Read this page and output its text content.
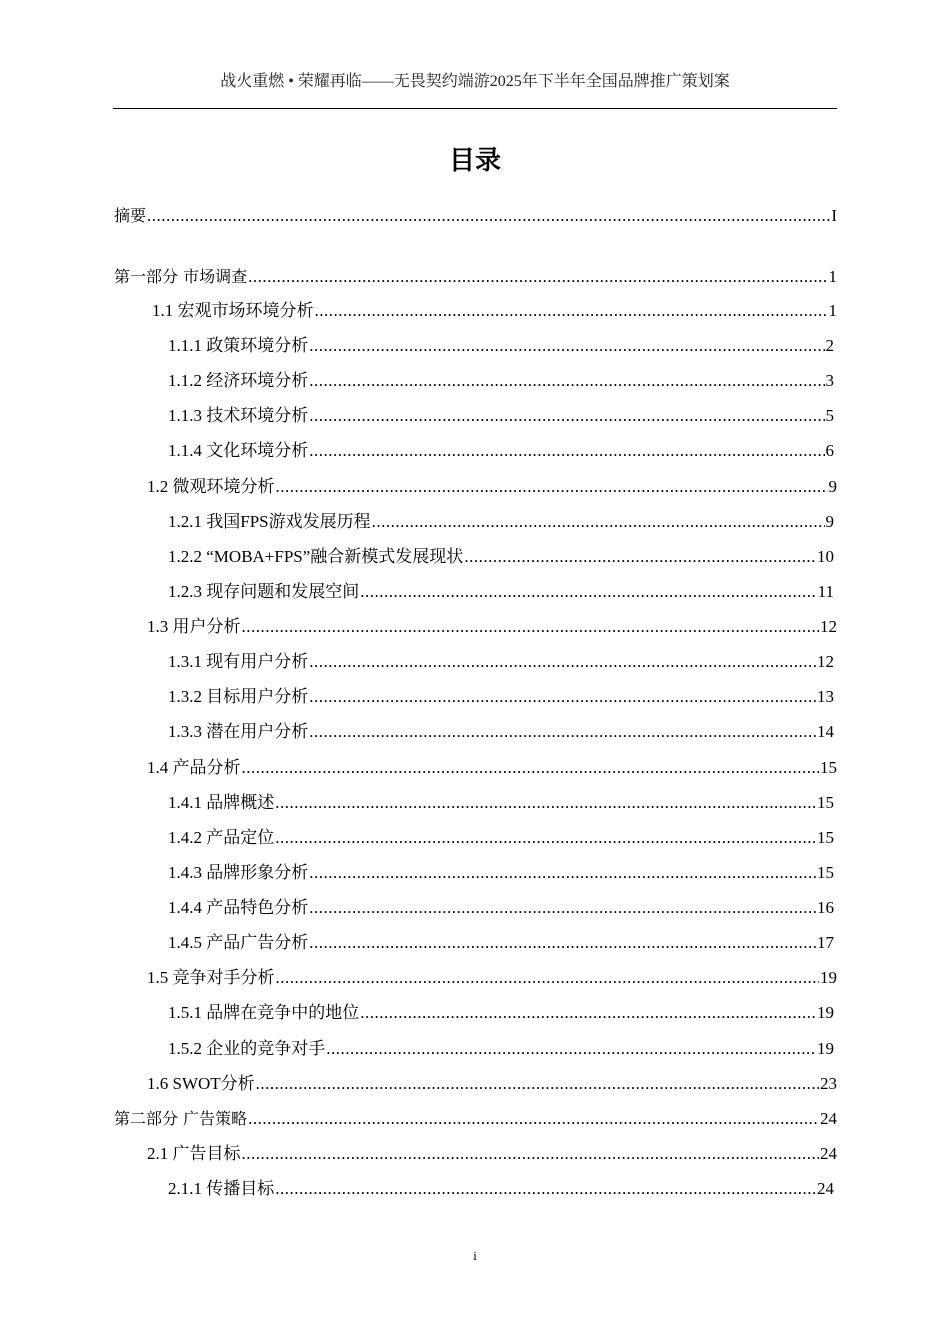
战火重燃 • 荣耀再临——无畏契约端游2025年下半年全国品牌推广策划案
目录
摘要 .....	I
第一部分 市场调查 .....	1
1.1 宏观市场环境分析 .....	1
1.1.1 政策环境分析 .....	2
1.1.2 经济环境分析 .....	3
1.1.3 技术环境分析 .....	5
1.1.4 文化环境分析 .....	6
1.2 微观环境分析 .....	9
1.2.1 我国FPS游戏发展历程 .....	9
1.2.2 “MOBA+FPS”融合新模式发展现状 .....	10
1.2.3 现存问题和发展空间 .....	11
1.3 用户分析 .....	12
1.3.1 现有用户分析 .....	12
1.3.2 目标用户分析 .....	13
1.3.3 潜在用户分析 .....	14
1.4 产品分析 .....	15
1.4.1 品牌概述 .....	15
1.4.2 产品定位 .....	15
1.4.3 品牌形象分析 .....	15
1.4.4 产品特色分析 .....	16
1.4.5 产品广告分析 .....	17
1.5 竞争对手分析 .....	19
1.5.1 品牌在竞争中的地位 .....	19
1.5.2 企业的竞争对手 .....	19
1.6 SWOT分析 .....	23
第二部分 广告策略 .....	24
2.1 广告目标 .....	24
2.1.1 传播目标 .....	24
i
